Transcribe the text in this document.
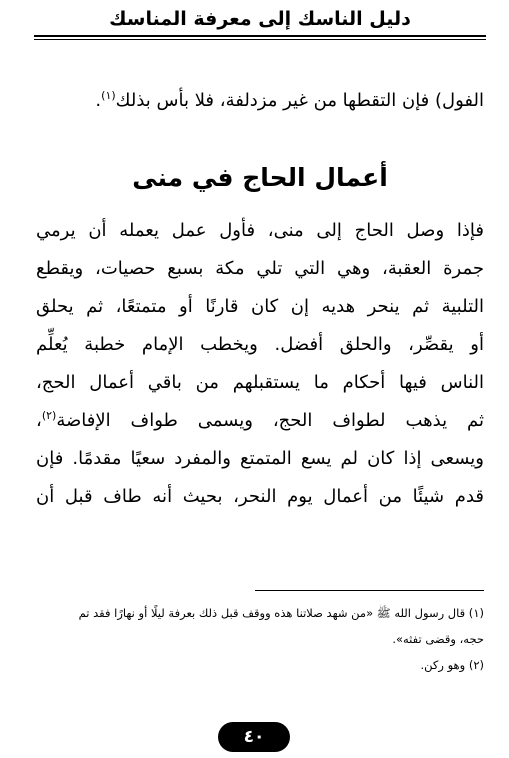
دليل الناسك إلى معرفة المناسك
الفول) فإن التقطها من غير مزدلفة، فلا بأس بذلك$^{(١)}$.
أعمال الحاج في منى
فإذا وصل الحاج إلى منى، فأول عمل يعمله أن يرمي
جمرة العقبة، وهي التي تلي مكة بسبع حصيات، ويقطع
التلبية ثم ينحر هديه إن كان قارنًا أو متمتعًا، ثم يحلق
أو يقصِّر، والحلق أفضل. ويخطب الإمام خطبة يُعلِّم
الناس فيها أحكام ما يستقبلهم من باقي أعمال الحج،
ثم يذهب لطواف الحج، ويسمى طواف الإفاضة$^{(٢)}$،
ويسعى إذا كان لم يسع المتمتع والمفرد سعيًا مقدمًا. فإن
قدم شيئًا من أعمال يوم النحر، بحيث أنه طاف قبل أن
(١) قال رسول الله ﷺ «من شهد صلاتنا هذه ووقف قبل ذلك بعرفة ليلًا أو نهارًا فقد تم
حجه، وقضى تفثه».
(٢) وهو ركن.
٤٠
